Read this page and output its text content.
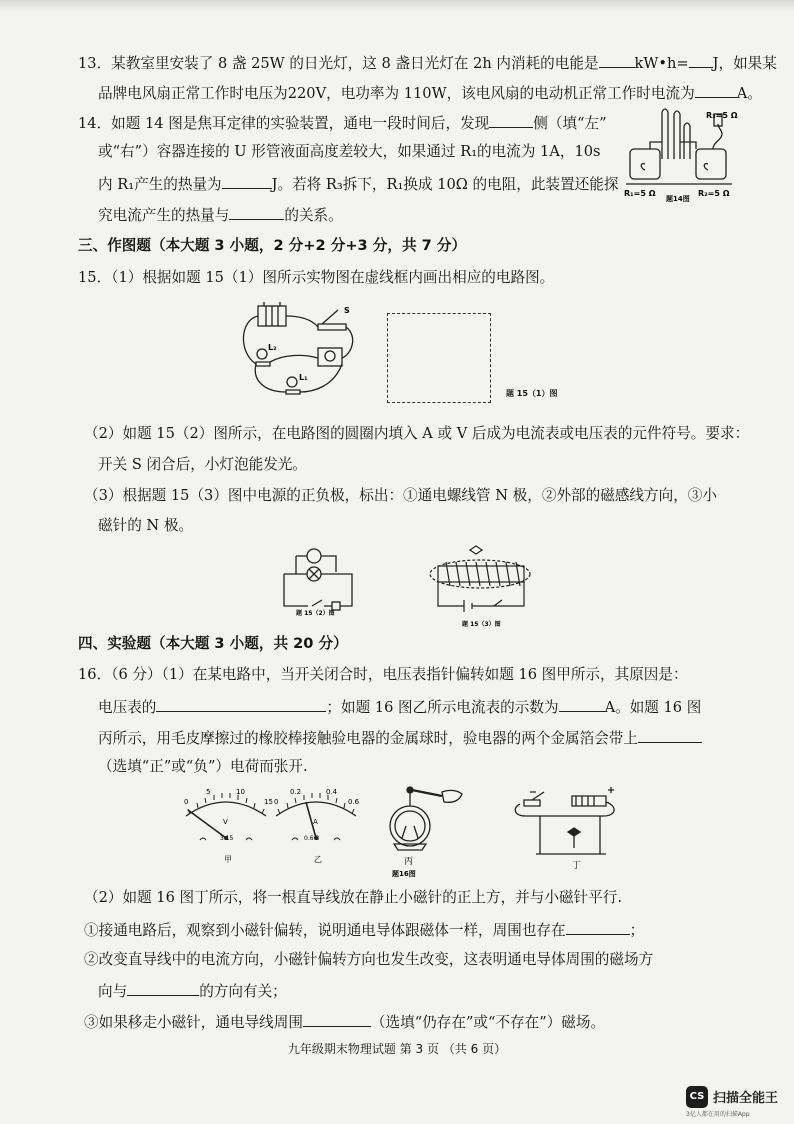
13．某教室里安装了 8 盏 25W 的日光灯，这 8 盏日光灯在 2h 内消耗的电能是 kW•h= J，如果某
品牌电风扇正常工作时电压为220V，电功率为 110W，该电风扇的电动机正常工作时电流为	A。
14．如题 14 图是焦耳定律的实验装置，通电一段时间后，发现	侧（填“左”
或“右”）容器连接的 U 形管液面高度差较大，如果通过 R₁的电流为 1A，10s
内 R₁产生的热量为	J。若将 R₃拆下，R₁换成 10Ω 的电阻，此装置还能探
究电流产生的热量与	的关系。
R₃=5 Ω
R₁=5 Ω	R₂=5 Ω
题14图
三、作图题（本大题 3 小题，2 分+2 分+3 分，共 7 分）
15．（1）根据如题 15（1）图所示实物图在虚线框内画出相应的电路图。
S
L₂
L₁
题 15（1）图
（2）如题 15（2）图所示，在电路图的圆圈内填入 A 或 V 后成为电流表或电压表的元件符号。要求：
开关 S 闭合后，小灯泡能发光。
（3）根据题 15（3）图中电源的正负极，标出：①通电螺线管 N 极，②外部的磁感线方向，③小
磁针的 N 极。
题 15（2）图
题 15（3）图
四、实验题（本大题 3 小题，共 20 分）
16．（6 分）（1）在某电路中，当开关闭合时，电压表指针偏转如题 16 图甲所示，其原因是：
电压表的	；如题 16 图乙所示电流表的示数为	A。如题 16 图
丙所示，用毛皮摩擦过的橡胶棒接触验电器的金属球时，验电器的两个金属箔会带上
（选填“正”或“负”）电荷而张开.
0
5	10
15
V
3 15
甲
0
0.2	0.4
0.6
A
0.6 3
乙	丙
题16图
丁
（2）如题 16 图丁所示，将一根直导线放在静止小磁针的正上方，并与小磁针平行.
①接通电路后，观察到小磁针偏转，说明通电导体跟磁体一样，周围也存在	；
②改变直导线中的电流方向，小磁针偏转方向也发生改变，这表明通电导体周围的磁场方
向与	的方向有关；
③如果移走小磁针，通电导线周围	（选填“仍存在”或“不存在”）磁场。
九年级期末物理试题 第 3 页 （共 6 页）
CS 扫描全能王
3亿人都在用的扫描App
